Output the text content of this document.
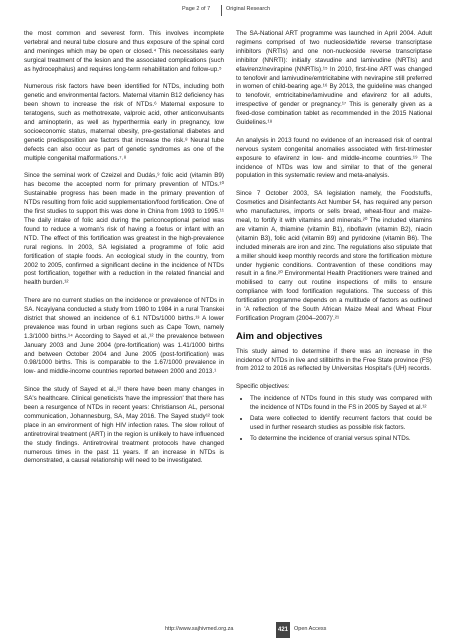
Page 2 of 7	Original Research

the most common and severest form. This involves incomplete vertebral and neural tube closure and thus exposure of the spinal cord and meninges which may be open or closed.⁴ This necessitates early surgical treatment of the lesion and the associated complications (such as hydrocephalus) and requires long-term rehabilitation and follow-up.⁵

Numerous risk factors have been identified for NTDs, including both genetic and environmental factors. Maternal vitamin B12 deficiency has been shown to increase the risk of NTDs.⁶ Maternal exposure to teratogens, such as methotrexate, valproic acid, other anticonvulsants and aminopterin, as well as hyperthermia early in pregnancy, low socioeconomic status, maternal obesity, pre-gestational diabetes and genetic predisposition are factors that increase the risk.⁸ Neural tube defects can also occur as part of genetic syndromes as one of the multiple congenital malformations.⁷˒⁸

Since the seminal work of Czeizel and Dudás,⁹ folic acid (vitamin B9) has become the accepted norm for primary prevention of NTDs.¹⁰ Sustainable progress has been made in the primary prevention of NTDs resulting from folic acid supplementation/food fortification. One of the first studies to support this was done in China from 1993 to 1995.¹¹ The daily intake of folic acid during the periconceptional period was found to reduce a woman's risk of having a foetus or infant with an NTD. The effect of this fortification was greatest in the high-prevalence rural regions. In 2003, SA legislated a programme of folic acid fortification of staple foods. An ecological study in the country, from 2002 to 2005, confirmed a significant decline in the incidence of NTDs post fortification, together with a reduction in the related financial and health burden.¹²

There are no current studies on the incidence or prevalence of NTDs in SA. Ncayiyana conducted a study from 1980 to 1984 in a rural Transkei district that showed an incidence of 6.1 NTDs/1000 births.¹³ A lower prevalence was found in urban regions such as Cape Town, namely 1.3/1000 births.¹⁴ According to Sayed et al.,¹² the prevalence between January 2003 and June 2004 (pre-fortification) was 1.41/1000 births and between October 2004 and June 2005 (post-fortification) was 0.98/1000 births. This is comparable to the 1.67/1000 prevalence in low- and middle-income countries reported between 2000 and 2013.¹

Since the study of Sayed et al.,¹² there have been many changes in SA's healthcare. Clinical geneticists 'have the impression' that there has been a resurgence of NTDs in recent years: Christianson AL, personal communication, Johannesburg, SA, May 2016. The Sayed study¹² took place in an environment of high HIV infection rates. The slow rollout of antiretroviral treatment (ART) in the region is unlikely to have influenced the study findings. Antiretroviral treatment protocols have changed numerous times in the past 11 years. If an increase in NTDs is demonstrated, a causal relationship will need to be investigated.

The SA-National ART programme was launched in April 2004. Adult regimens comprised of two nucleoside/tide reverse transcriptase inhibitors (NRTIs) and one non-nucleoside reverse transcriptase inhibitor (NNRTI): initially stavudine and lamivudine (NRTIs) and efavirenz/nevirapine (NNRTIs).¹⁵ In 2010, first-line ART was changed to tenofovir and lamivudine/emtricitabine with nevirapine still preferred in women of child-bearing age.¹⁶ By 2013, the guideline was changed to tenofovir, emtricitabine/lamivudine and efavirenz for all adults, irrespective of gender or pregnancy.¹⁷ This is generally given as a fixed-dose combination tablet as recommended in the 2015 National Guidelines.¹⁸

An analysis in 2013 found no evidence of an increased risk of central nervous system congenital anomalies associated with first-trimester exposure to efavirenz in low- and middle-income countries.¹⁹ The incidence of NTDs was low and similar to that of the general population in this systematic review and meta-analysis.

Since 7 October 2003, SA legislation namely, the Foodstuffs, Cosmetics and Disinfectants Act Number 54, has required any person who manufactures, imports or sells bread, wheat-flour and maize-meal, to fortify it with vitamins and minerals.²⁰ The included vitamins are vitamin A, thiamine (vitamin B1), riboflavin (vitamin B2), niacin (vitamin B3), folic acid (vitamin B9) and pyridoxine (vitamin B6). The included minerals are iron and zinc. The regulations also stipulate that a miller should keep monthly records and store the fortification mixture under hygienic conditions. Contravention of these conditions may result in a fine.²⁰ Environmental Health Practitioners were trained and mobilised to carry out routine inspections of mills to ensure compliance with food fortification regulations. The success of this fortification programme depends on a multitude of factors as outlined in 'A reflection of the South African Maize Meal and Wheat Flour Fortification Program (2004–2007)'.²¹

Aim and objectives

This study aimed to determine if there was an increase in the incidence of NTDs in live and stillbirths in the Free State province (FS) from 2012 to 2016 as reflected by Universitas Hospital's (UH) records.

Specific objectives:

• The incidence of NTDs found in this study was compared with the incidence of NTDs found in the FS in 2005 by Sayed et al.¹²
• Data were collected to identify recurrent factors that could be used in further research studies as possible risk factors.
• To determine the incidence of cranial versus spinal NTDs.
http://www.sajhivmed.org.za	421	Open Access
